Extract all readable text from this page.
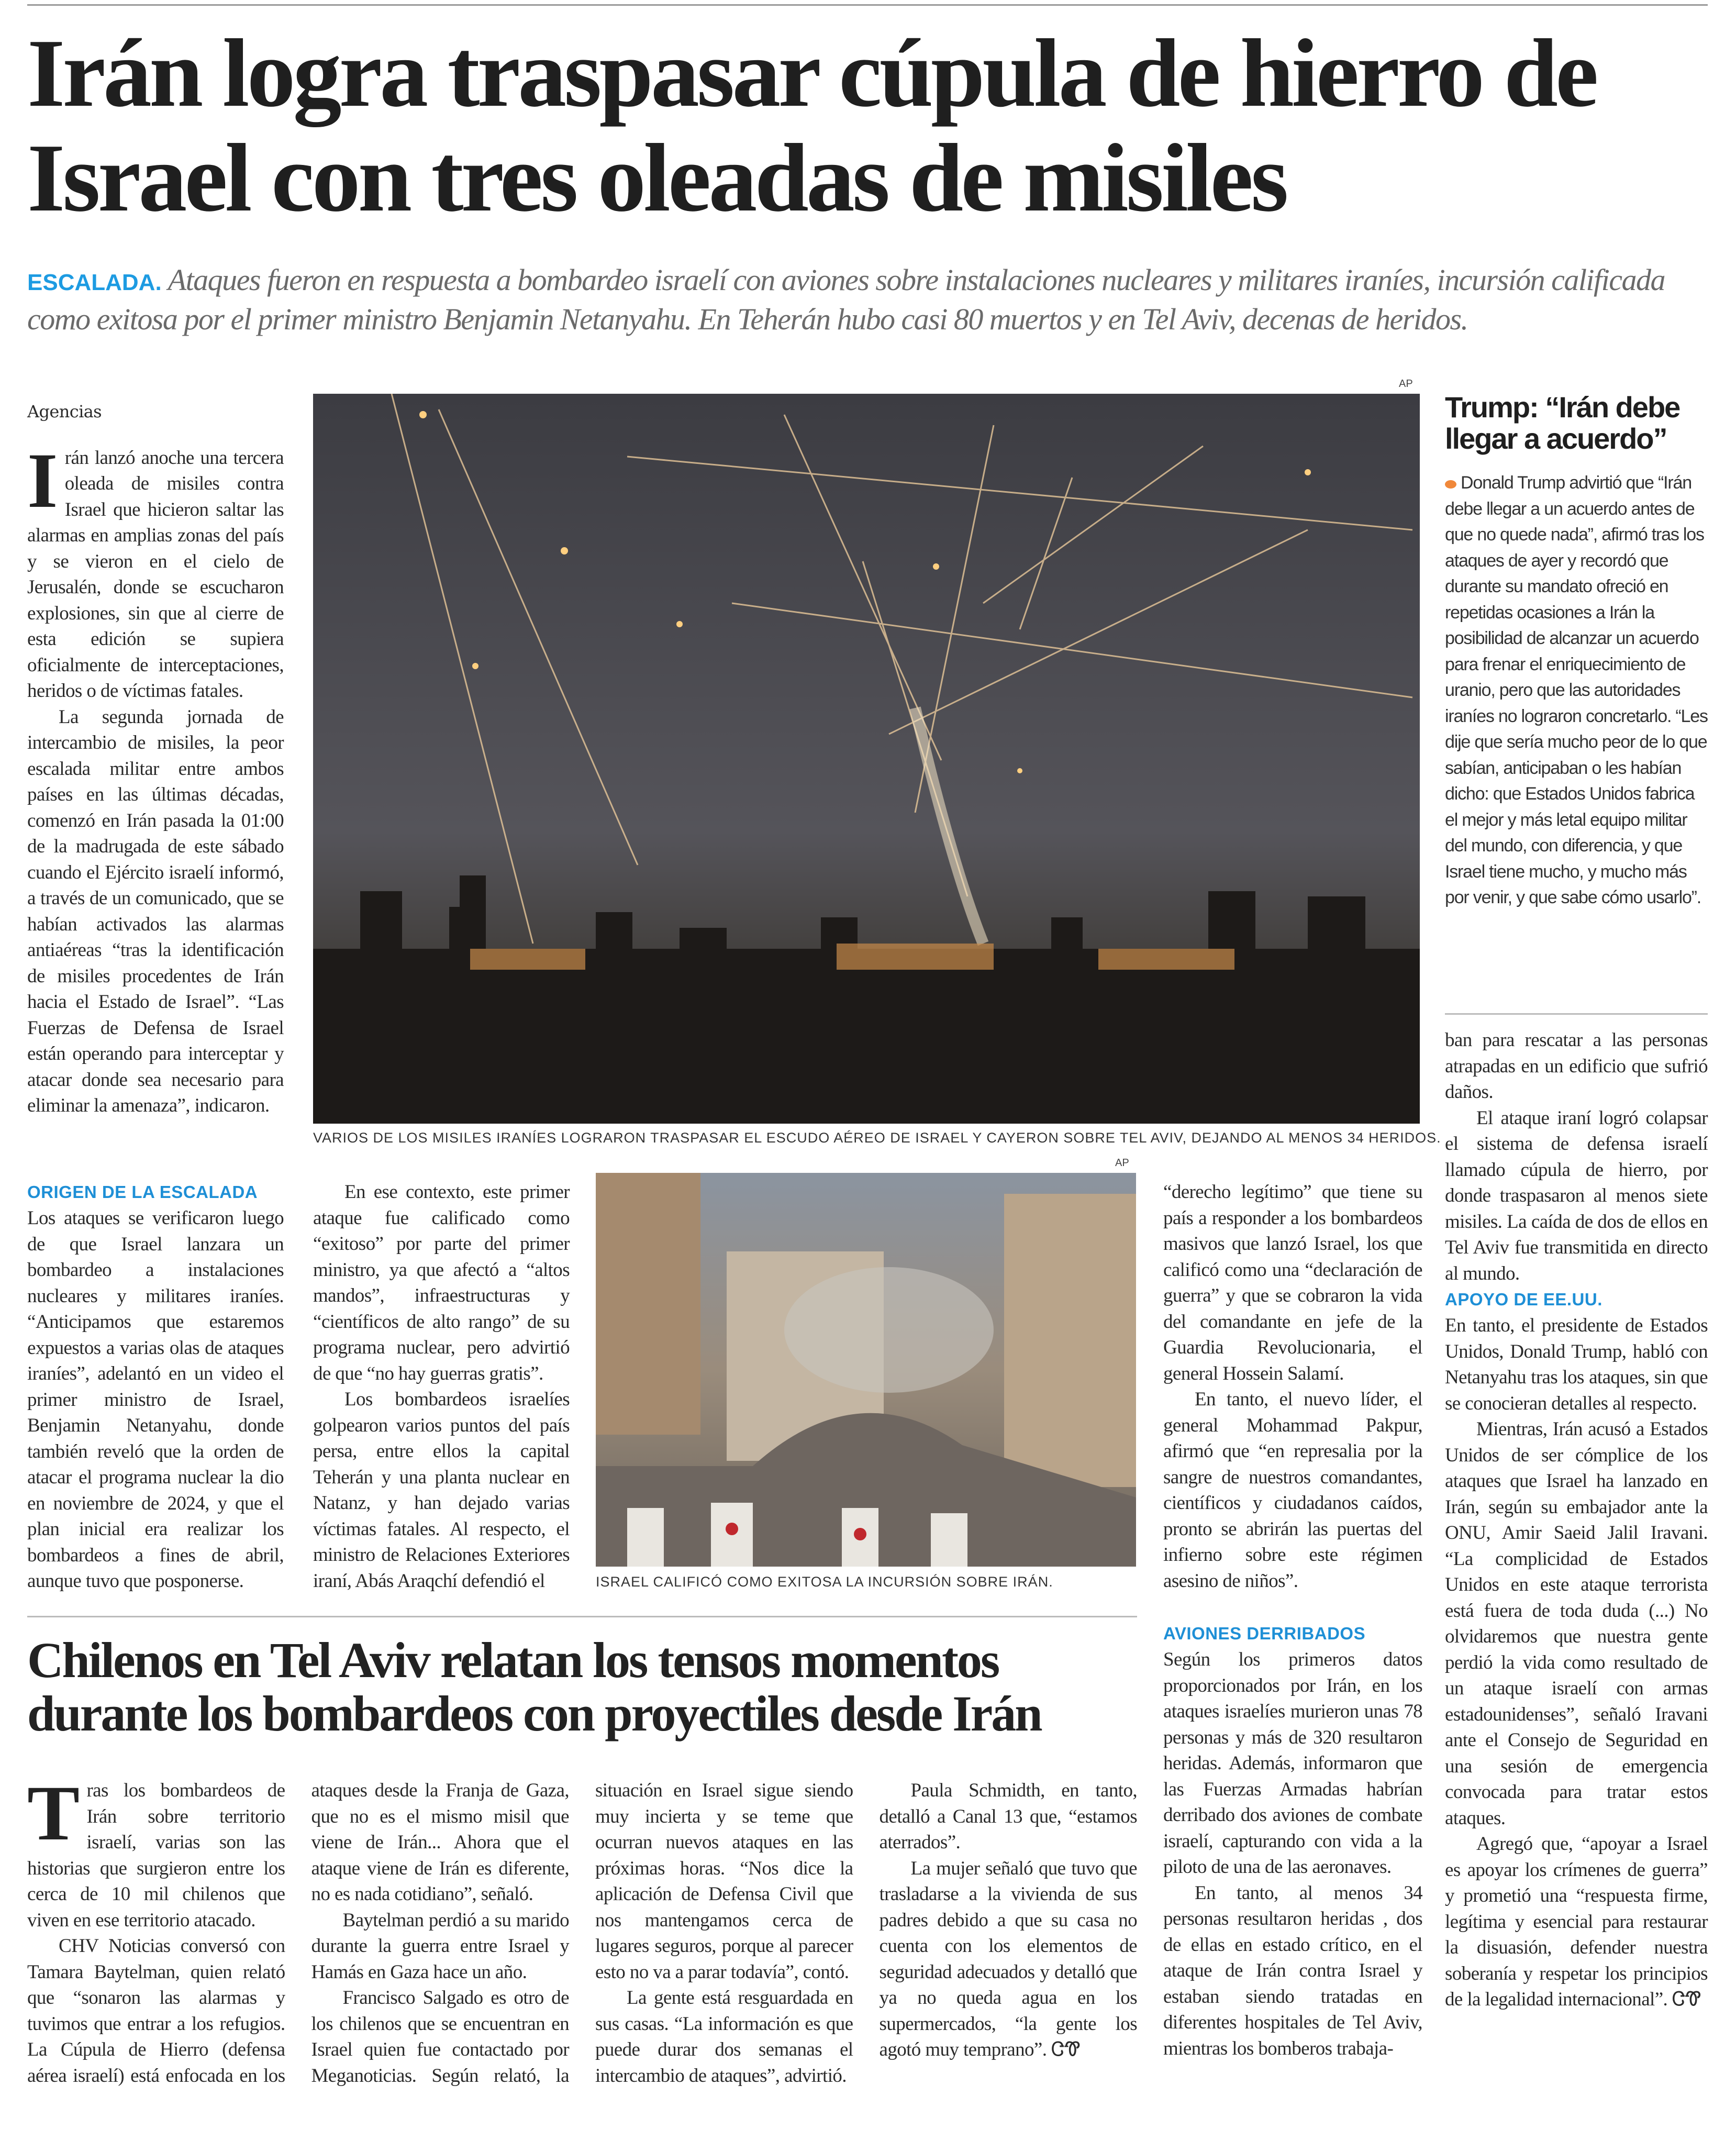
Irán logra traspasar cúpula de hierro de Israel con tres oleadas de misiles
ESCALADA. Ataques fueron en respuesta a bombardeo israelí con aviones sobre instalaciones nucleares y militares iraníes, incursión calificada como exitosa por el primer ministro Benjamin Netanyahu. En Teherán hubo casi 80 muertos y en Tel Aviv, decenas de heridos.

Agencias

Irán lanzó anoche una tercera oleada de misiles contra Israel que hicieron saltar las alarmas en amplias zonas del país y se vieron en el cielo de Jerusalén, donde se escucharon explosiones, sin que al cierre de esta edición se supiera oficialmente de interceptaciones, heridos o de víctimas fatales.

La segunda jornada de intercambio de misiles, la peor escalada militar entre ambos países en las últimas décadas, comenzó en Irán pasada la 01:00 de la madrugada de este sábado cuando el Ejército israelí informó, a través de un comunicado, que se habían activados las alarmas antiaéreas “tras la identificación de misiles procedentes de Irán hacia el Estado de Israel”. “Las Fuerzas de Defensa de Israel están operando para interceptar y atacar donde sea necesario para eliminar la amenaza”, indicaron.

ORIGEN DE LA ESCALADA

Los ataques se verificaron luego de que Israel lanzara un bombardeo a instalaciones nucleares y militares iraníes. “Anticipamos que estaremos expuestos a varias olas de ataques iraníes”, adelantó en un video el primer ministro de Israel, Benjamin Netanyahu, donde también reveló que la orden de atacar el programa nuclear la dio en noviembre de 2024, y que el plan inicial era realizar los bombardeos a fines de abril, aunque tuvo que posponerse.

AP
VARIOS DE LOS MISILES IRANÍES LOGRARON TRASPASAR EL ESCUDO AÉREO DE ISRAEL Y CAYERON SOBRE TEL AVIV, DEJANDO AL MENOS 34 HERIDOS.

En ese contexto, este primer ataque fue calificado como “exitoso” por parte del primer ministro, ya que afectó a “altos mandos”, infraestructuras y “científicos de alto rango” de su programa nuclear, pero advirtió de que “no hay guerras gratis”.

Los bombardeos israelíes golpearon varios puntos del país persa, entre ellos la capital Teherán y una planta nuclear en Natanz, y han dejado varias víctimas fatales. Al respecto, el ministro de Relaciones Exteriores iraní, Abás Araqchí defendió el

AP
ISRAEL CALIFICÓ COMO EXITOSA LA INCURSIÓN SOBRE IRÁN.

“derecho legítimo” que tiene su país a responder a los bombardeos masivos que lanzó Israel, los que calificó como una “declaración de guerra” y que se cobraron la vida del comandante en jefe de la Guardia Revolucionaria, el general Hossein Salamí.

En tanto, el nuevo líder, el general Mohammad Pakpur, afirmó que “en represalia por la sangre de nuestros comandantes, científicos y ciudadanos caídos, pronto se abrirán las puertas del infierno sobre este régimen asesino de niños”.

AVIONES DERRIBADOS

Según los primeros datos proporcionados por Irán, en los ataques israelíes murieron unas 78 personas y más de 320 resultaron heridas. Además, informaron que las Fuerzas Armadas habrían derribado dos aviones de combate israelí, capturando con vida a la piloto de una de las aeronaves.

En tanto, al menos 34 personas resultaron heridas , dos de ellas en estado crítico, en el ataque de Irán contra Israel y estaban siendo tratadas en diferentes hospitales de Tel Aviv, mientras los bomberos trabaja-

Trump: “Irán debe llegar a acuerdo”

Donald Trump advirtió que “Irán debe llegar a un acuerdo antes de que no quede nada”, afirmó tras los ataques de ayer y recordó que durante su mandato ofreció en repetidas ocasiones a Irán la posibilidad de alcanzar un acuerdo para frenar el enriquecimiento de uranio, pero que las autoridades iraníes no lograron concretarlo. “Les dije que sería mucho peor de lo que sabían, anticipaban o les habían dicho: que Estados Unidos fabrica el mejor y más letal equipo militar del mundo, con diferencia, y que Israel tiene mucho, y mucho más por venir, y que sabe cómo usarlo”.

ban para rescatar a las personas atrapadas en un edificio que sufrió daños.

El ataque iraní logró colapsar el sistema de defensa israelí llamado cúpula de hierro, por donde traspasaron al menos siete misiles. La caída de dos de ellos en Tel Aviv fue transmitida en directo al mundo.

APOYO DE EE.UU.

En tanto, el presidente de Estados Unidos, Donald Trump, habló con Netanyahu tras los ataques, sin que se conocieran detalles al respecto.

Mientras, Irán acusó a Estados Unidos de ser cómplice de los ataques que Israel ha lanzado en Irán, según su embajador ante la ONU, Amir Saeid Jalil Iravani. “La complicidad de Estados Unidos en este ataque terrorista está fuera de toda duda (...) No olvidaremos que nuestra gente perdió la vida como resultado de un ataque israelí con armas estadounidenses”, señaló Iravani ante el Consejo de Seguridad en una sesión de emergencia convocada para tratar estos ataques.

Agregó que, “apoyar a Israel es apoyar los crímenes de guerra” y prometió una “respuesta firme, legítima y esencial para restaurar la disuasión, defender nuestra soberanía y respetar los principios de la legalidad internacional”. ᏣᏡ

Chilenos en Tel Aviv relatan los tensos momentos durante los bombardeos con proyectiles desde Irán

Tras los bombardeos de Irán sobre territorio israelí, varias son las historias que surgieron entre los cerca de 10 mil chilenos que viven en ese territorio atacado.

CHV Noticias conversó con Tamara Baytelman, quien relató que “sonaron las alarmas y tuvimos que entrar a los refugios. La Cúpula de Hierro (defensa aérea israelí) está enfocada en los ataques desde la Franja de Gaza, que no es el mismo misil que viene de Irán... Ahora que el ataque viene de Irán es diferente, no es nada cotidiano”, señaló.

Baytelman perdió a su marido durante la guerra entre Israel y Hamás en Gaza hace un año.

Francisco Salgado es otro de los chilenos que se encuentran en Israel quien fue contactado por Meganoticias. Según relató, la situación en Israel sigue siendo muy incierta y se teme que ocurran nuevos ataques en las próximas horas. “Nos dice la aplicación de Defensa Civil que nos mantengamos cerca de lugares seguros, porque al parecer esto no va a parar todavía”, contó.

La gente está resguardada en sus casas. “La información es que puede durar dos semanas el intercambio de ataques”, advirtió.

Paula Schmidth, en tanto, detalló a Canal 13 que, “estamos aterrados”.

La mujer señaló que tuvo que trasladarse a la vivienda de sus padres debido a que su casa no cuenta con los elementos de seguridad adecuados y detalló que ya no queda agua en los supermercados, “la gente los agotó muy temprano”. ᏣᏡ
